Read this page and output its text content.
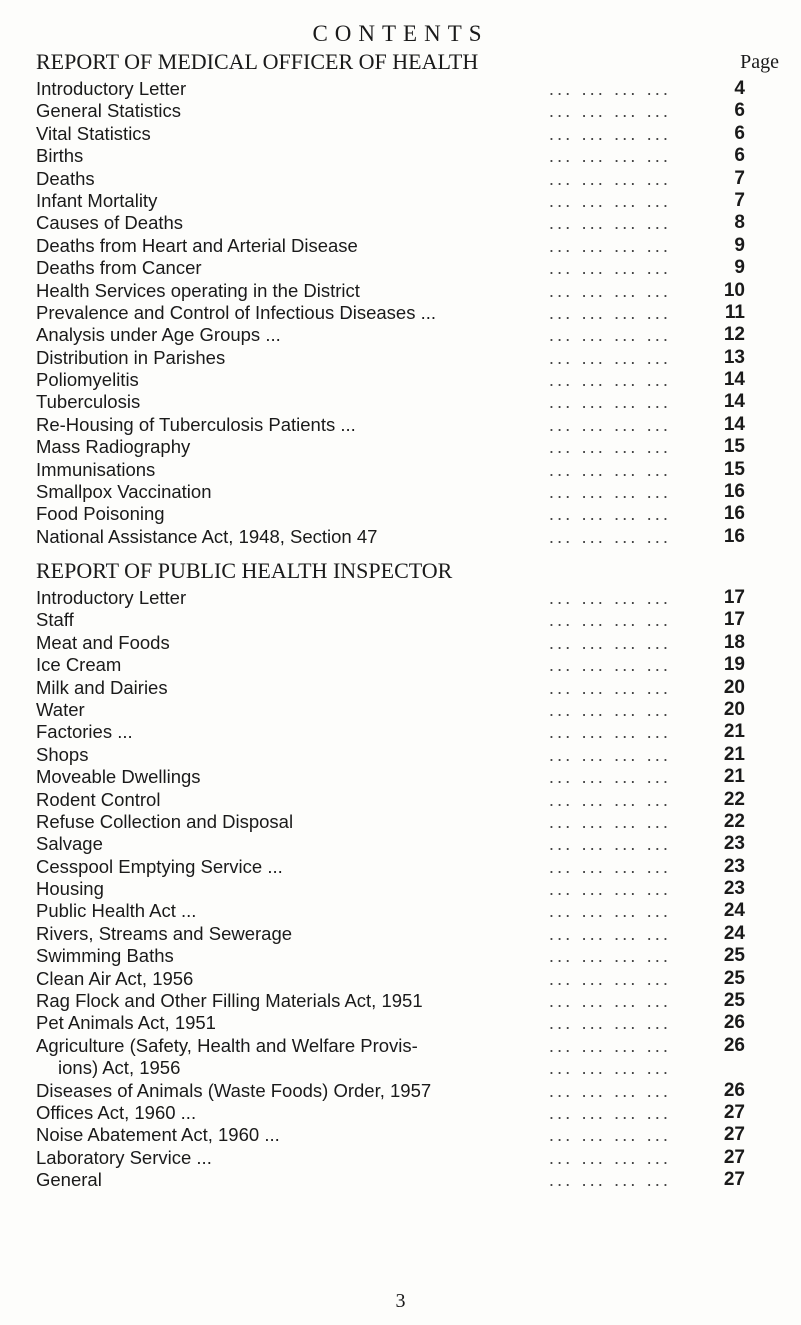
CONTENTS
REPORT OF MEDICAL OFFICER OF HEALTH	Page
Introductory Letter	... ... ... ...	4
General Statistics	... ... ... ...	6
Vital Statistics	... ... ... ...	6
Births	... ... ... ...	6
Deaths	... ... ... ...	7
Infant Mortality	... ... ... ...	7
Causes of Deaths	... ... ... ...	8
Deaths from Heart and Arterial Disease	... ... ... ...	9
Deaths from Cancer	... ... ... ...	9
Health Services operating in the District	... ... ... ...	10
Prevalence and Control of Infectious Diseases ...	... ... ... ...	11
Analysis under Age Groups ...	... ... ... ...	12
Distribution in Parishes	... ... ... ...	13
Poliomyelitis	... ... ... ...	14
Tuberculosis	... ... ... ...	14
Re-Housing of Tuberculosis Patients ...	... ... ... ...	14
Mass Radiography	... ... ... ...	15
Immunisations	... ... ... ...	15
Smallpox Vaccination	... ... ... ...	16
Food Poisoning	... ... ... ...	16
National Assistance Act, 1948, Section 47	... ... ... ...	16
REPORT OF PUBLIC HEALTH INSPECTOR
Introductory Letter	... ... ... ...	17
Staff	... ... ... ...	17
Meat and Foods	... ... ... ...	18
Ice Cream	... ... ... ...	19
Milk and Dairies	... ... ... ...	20
Water	... ... ... ...	20
Factories ...	... ... ... ...	21
Shops	... ... ... ...	21
Moveable Dwellings	... ... ... ...	21
Rodent Control	... ... ... ...	22
Refuse Collection and Disposal	... ... ... ...	22
Salvage	... ... ... ...	23
Cesspool Emptying Service ...	... ... ... ...	23
Housing	... ... ... ...	23
Public Health Act ...	... ... ... ...	24
Rivers, Streams and Sewerage	... ... ... ...	24
Swimming Baths	... ... ... ...	25
Clean Air Act, 1956	... ... ... ...	25
Rag Flock and Other Filling Materials Act, 1951	... ... ... ...	25
Pet Animals Act, 1951	... ... ... ...	26
Agriculture (Safety, Health and Welfare Provis-	... ... ... ...	26
ions) Act, 1956	... ... ... ...
Diseases of Animals (Waste Foods) Order, 1957	... ... ... ...	26
Offices Act, 1960 ...	... ... ... ...	27
Noise Abatement Act, 1960 ...	... ... ... ...	27
Laboratory Service ...	... ... ... ...	27
General	... ... ... ...	27
3
